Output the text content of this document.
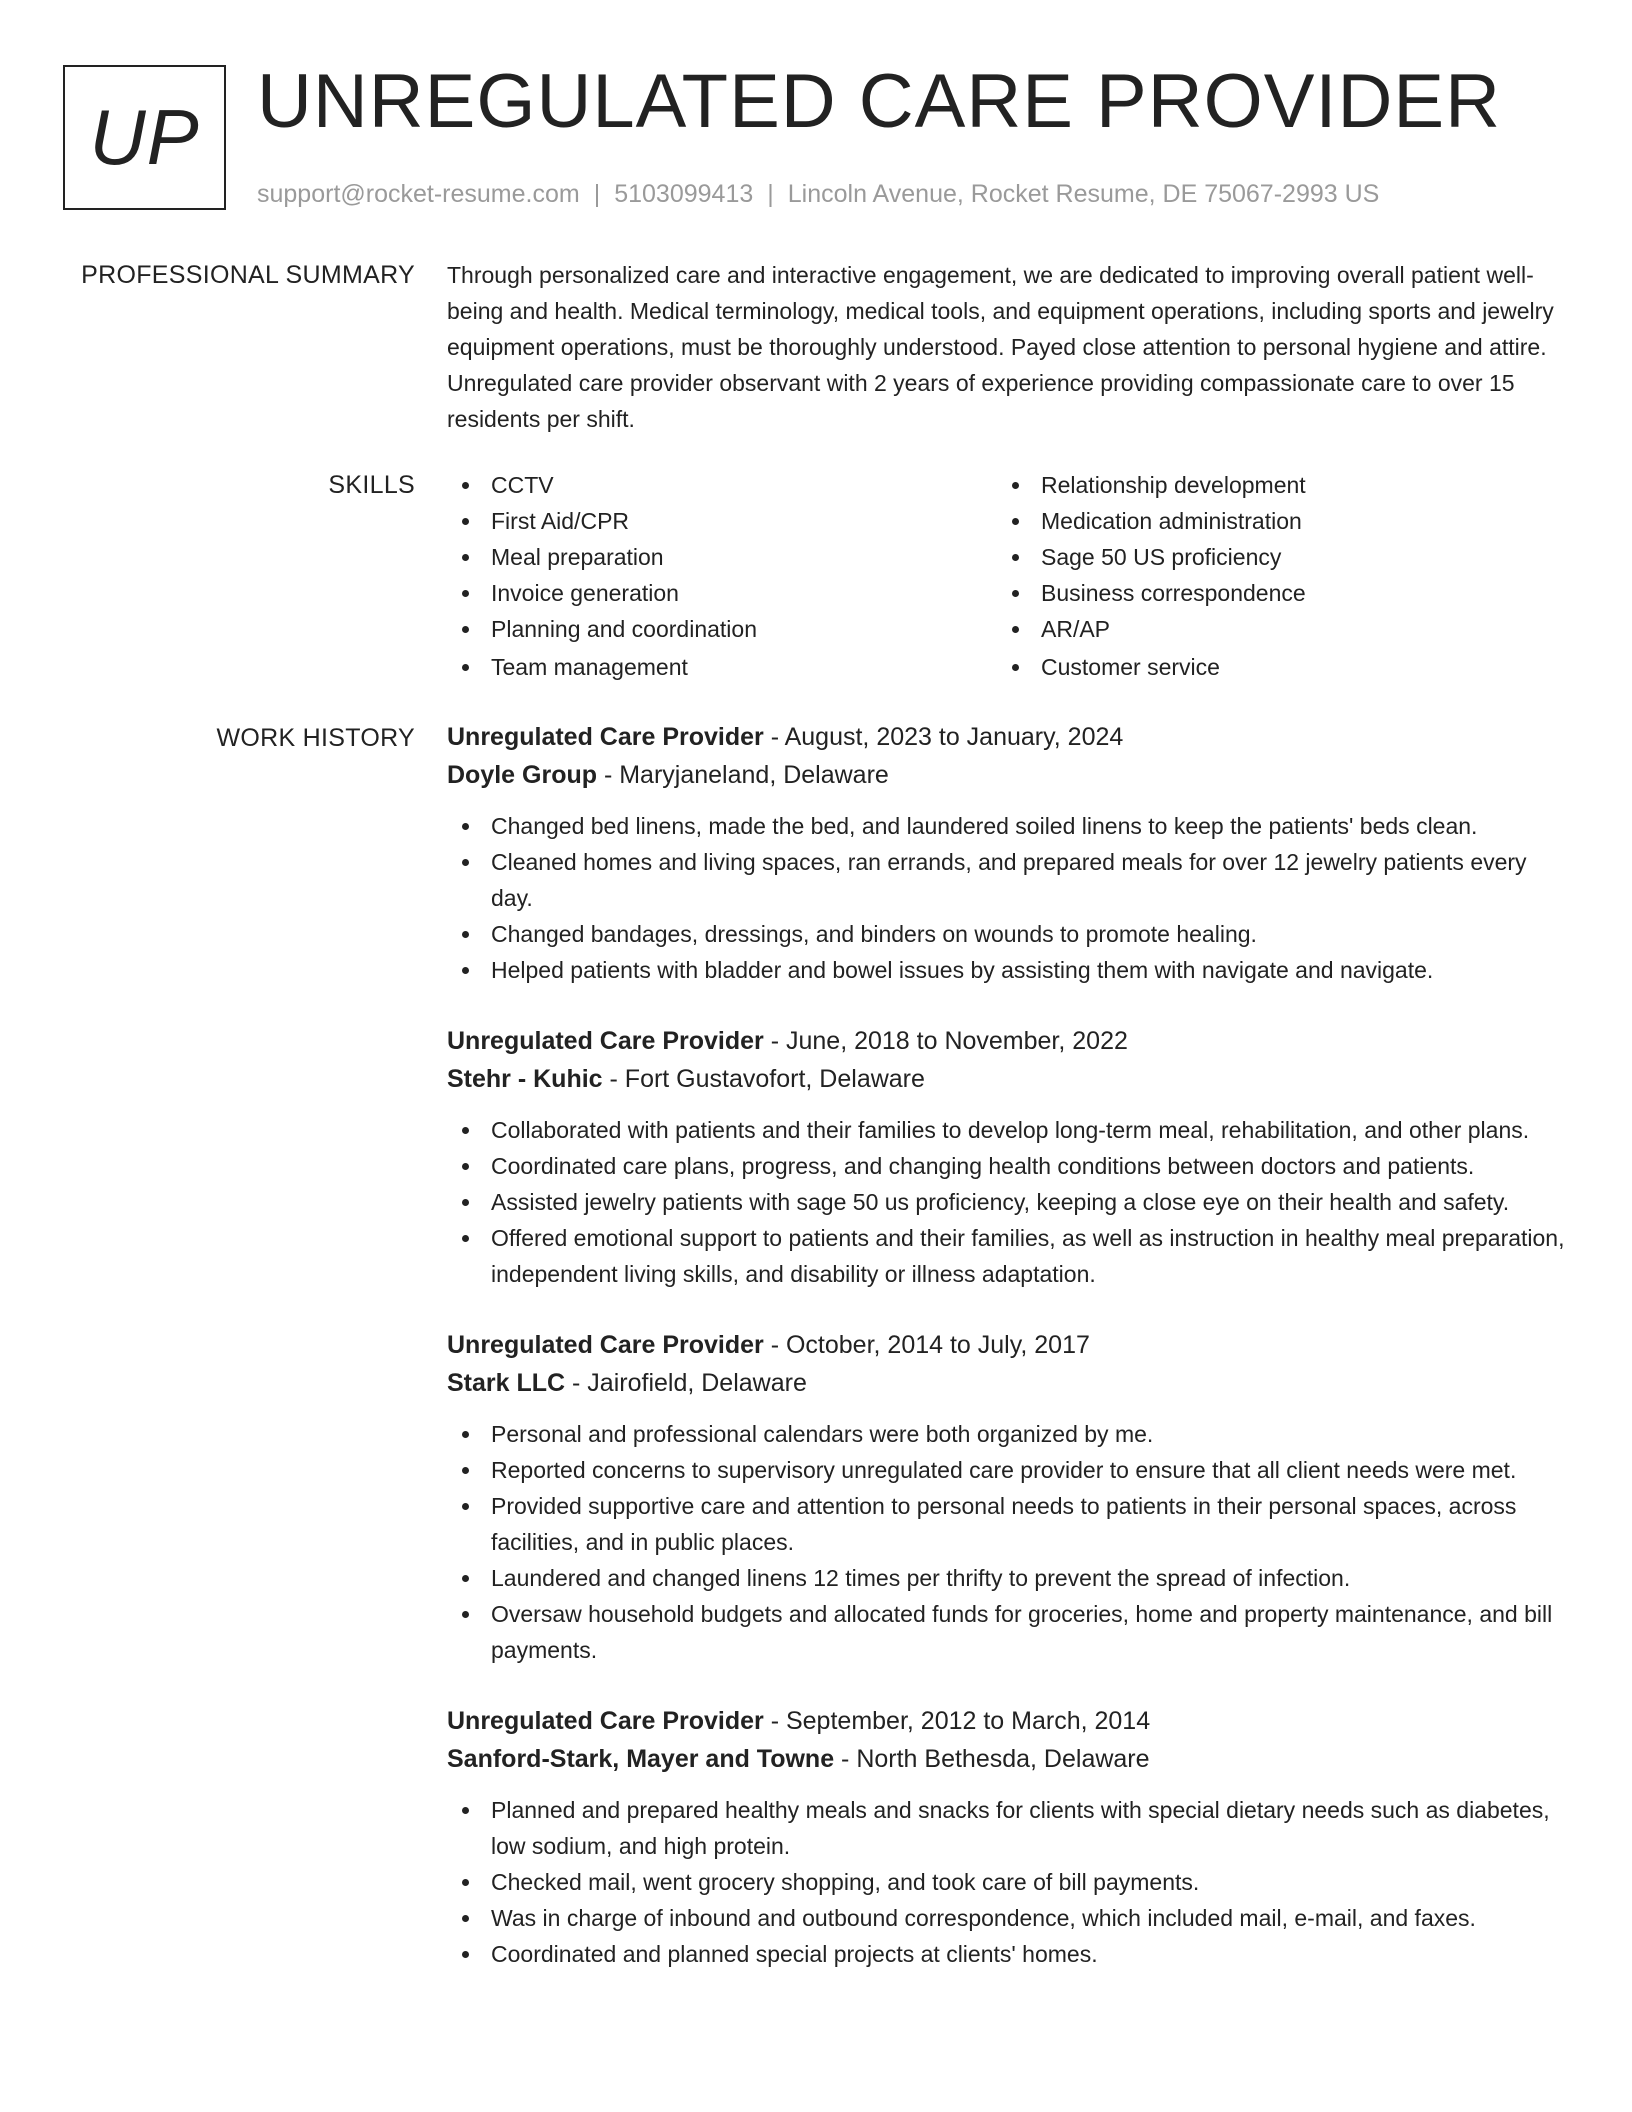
UP UNREGULATED CARE PROVIDER
support@rocket-resume.com | 5103099413 | Lincoln Avenue, Rocket Resume, DE 75067-2993 US
PROFESSIONAL SUMMARY Through personalized care and interactive engagement, we are dedicated to improving overall patient well-being and health. Medical terminology, medical tools, and equipment operations, including sports and jewelry equipment operations, must be thoroughly understood. Payed close attention to personal hygiene and attire. Unregulated care provider observant with 2 years of experience providing compassionate care to over 15 residents per shift.
SKILLS	CCTV
First Aid/CPR
Meal preparation
Invoice generation
Planning and coordination
Team management
Relationship development
Medication administration
Sage 50 US proficiency
Business correspondence
AR/AP
Customer service
WORK HISTORY Unregulated Care Provider - August, 2023 to January, 2024
Doyle Group - Maryjaneland, Delaware
Changed bed linens, made the bed, and laundered soiled linens to keep the patients' beds clean.
Cleaned homes and living spaces, ran errands, and prepared meals for over 12 jewelry patients every day.
Changed bandages, dressings, and binders on wounds to promote healing.
Helped patients with bladder and bowel issues by assisting them with navigate and navigate.
Unregulated Care Provider - June, 2018 to November, 2022
Stehr - Kuhic - Fort Gustavofort, Delaware
Collaborated with patients and their families to develop long-term meal, rehabilitation, and other plans.
Coordinated care plans, progress, and changing health conditions between doctors and patients.
Assisted jewelry patients with sage 50 us proficiency, keeping a close eye on their health and safety.
Offered emotional support to patients and their families, as well as instruction in healthy meal preparation, independent living skills, and disability or illness adaptation.
Unregulated Care Provider - October, 2014 to July, 2017
Stark LLC - Jairofield, Delaware
Personal and professional calendars were both organized by me.
Reported concerns to supervisory unregulated care provider to ensure that all client needs were met.
Provided supportive care and attention to personal needs to patients in their personal spaces, across facilities, and in public places.
Laundered and changed linens 12 times per thrifty to prevent the spread of infection.
Oversaw household budgets and allocated funds for groceries, home and property maintenance, and bill payments.
Unregulated Care Provider - September, 2012 to March, 2014
Sanford-Stark, Mayer and Towne - North Bethesda, Delaware
Planned and prepared healthy meals and snacks for clients with special dietary needs such as diabetes, low sodium, and high protein.
Checked mail, went grocery shopping, and took care of bill payments.
Was in charge of inbound and outbound correspondence, which included mail, e-mail, and faxes.
Coordinated and planned special projects at clients' homes.
